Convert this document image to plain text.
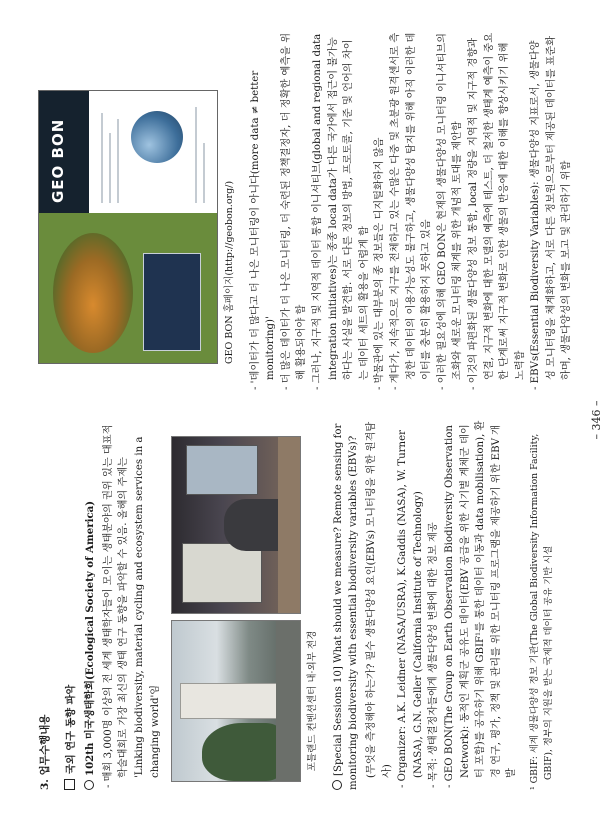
3. 업무수행내용 국외 연구 동향 파악 102th 미국생태학회(Ecological Society of America) - 매회 3,000명 이상의 전 세계 생태학자들이 모이는 생태분야의 권위 있는 대표적 학술대회로 가장 최신의 생태 연구 동향을 파악할 수 있음. 올해의 주제는 'Linking biodiversity, material cycling and ecosystem services in a changing world'임	포틀랜드 컨벤션센터 내·외부 전경 [Special Sessions 10] What should we measure? Remote sensing for monitoring biodiversity with essential biodiversity variables (EBVs)? (무엇을 측정해야 하는가? 필수 생물다양성 요인(EBVs) 모니터링을 위한 원격탐사) - Organizer: A.K. Leidner (NASA/USRA), K.Gaddis (NASA), W. Turner (NASA), G.N. Geller (California Institute of Technology) - 목적: 생태결정자들에게 생물다양성 변화에 대한 정보 제공 - GEO BON(The Group on Earth Observation Biodiversity Observation Network): 동적인 계획군 공유도 데이터(EBV 공급을 위한 시기별 계체군 데이터 포함)를 공유하기 위해 GBIF¹를 통한 데이터 이동과 data mobilisation), 환경 연구, 평가, 정책 및 관리를 위한 모니터링 프로그램을 제공하기 위한 EBV 개발 ¹ GBIF: 세계 생물다양성 정보 기관(The Global Biodiversity Information Facility, GBIF), 정부의 지원을 받는 국제적 데이터 공유 기반 시설

GEO BON

GEO BON 홈페이지(http://geobon.org/) - '데이터가 더 많다고 더 나은 모니터링이 아니다(more data ≠ better monitoring)' - 더 많은 데이터가 더 나은 모니터링, 더 숙련된 정책결정자, 더 정확한 예측을 위해 활용되어야 함 - 그러나, 지구적 및 지역적 데이터 통합 이니셔티브(global and regional data integration initiatives)는 종종 local data가 다른 국가에서 접근이 불가능하다는 사실을 발견함. 서로 다른 정보의 방법, 프로토콜, 기준 및 언어의 차이는 데이터 세트의 활용을 어렵게 함 - 박물관에 있는 대부분의 종 정보들은 디지털화하지 않음 - 게다가, 지속적으로 지구를 전체하고 있는 수많은 다중 및 초분광 원격센서로 측정한 데이터의 이용가능성도 불구하고, 생물다양성 탐지를 위해 아직 이러한 데이터를 충분히 활용하지 못하고 있음 - 이러한 필요성에 의해 GEO BON은 현재의 생물다양성 모니터링 이니셔티브의 조화와 새로운 모니터링 체계를 위한 개념적 토대를 제안함 - 이것의 파편화된 생물다양성 정보 통합, local 정량을 지역적 및 지구적 경향과 연결, 지구적 변화에 대한 모델의 예측에 테스트, 더 철저한 생태계 예측이 중요한 단계로써 지구적 변화로 인한 생물의 반응에 대한 이해를 향상시키기 위해 노력함 - EBVs(Essential Biodiversity Variables): 생물다양성 지표로서, 생물다양성 모니터링을 체계화하고, 서로 다른 정보원으로부터 제공된 데이터를 표준화하며, 생물다양성의 변화를 보고 및 관리하기 위함

– 346 –
